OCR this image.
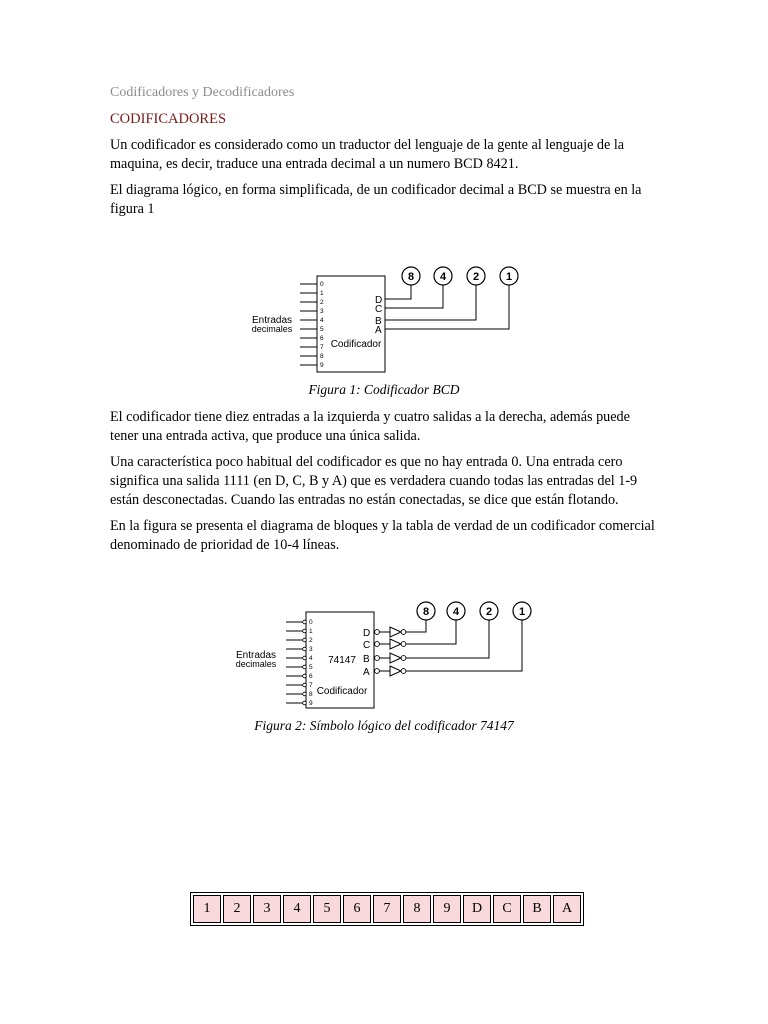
Codificadores y Decodificadores

CODIFICADORES

Un codificador es considerado como un traductor del lenguaje de la gente al lenguaje de la maquina, es decir, traduce una entrada decimal a un numero BCD 8421.

El diagrama lógico, en forma simplificada, de un codificador decimal a BCD se muestra en la figura 1

0
1
2
3
4
5
6
7
8
9
Entradas
decimales
Codificador
D
8
C
4
B
2
A
1
Figura 1: Codificador BCD

El codificador tiene diez entradas a la izquierda y cuatro salidas a la derecha, además puede tener una entrada activa, que produce una única salida.

Una característica poco habitual del codificador es que no hay entrada 0. Una entrada cero significa una salida 1111 (en D, C, B y A) que es verdadera cuando todas las entradas del 1-9 están desconectadas. Cuando las entradas no están conectadas, se dice que están flotando.

En la figura se presenta el diagrama de bloques y la tabla de verdad de un codificador comercial denominado de prioridad de 10-4 líneas.

0
1
2
3
4
5
6
7
8
9
Entradas
decimales	74147
Codificador
D
8
C
4
B
2
A
1
Figura 2: Símbolo lógico del codificador 74147
1	2	3	4	5	6	7	8	9	D	C	B	A
